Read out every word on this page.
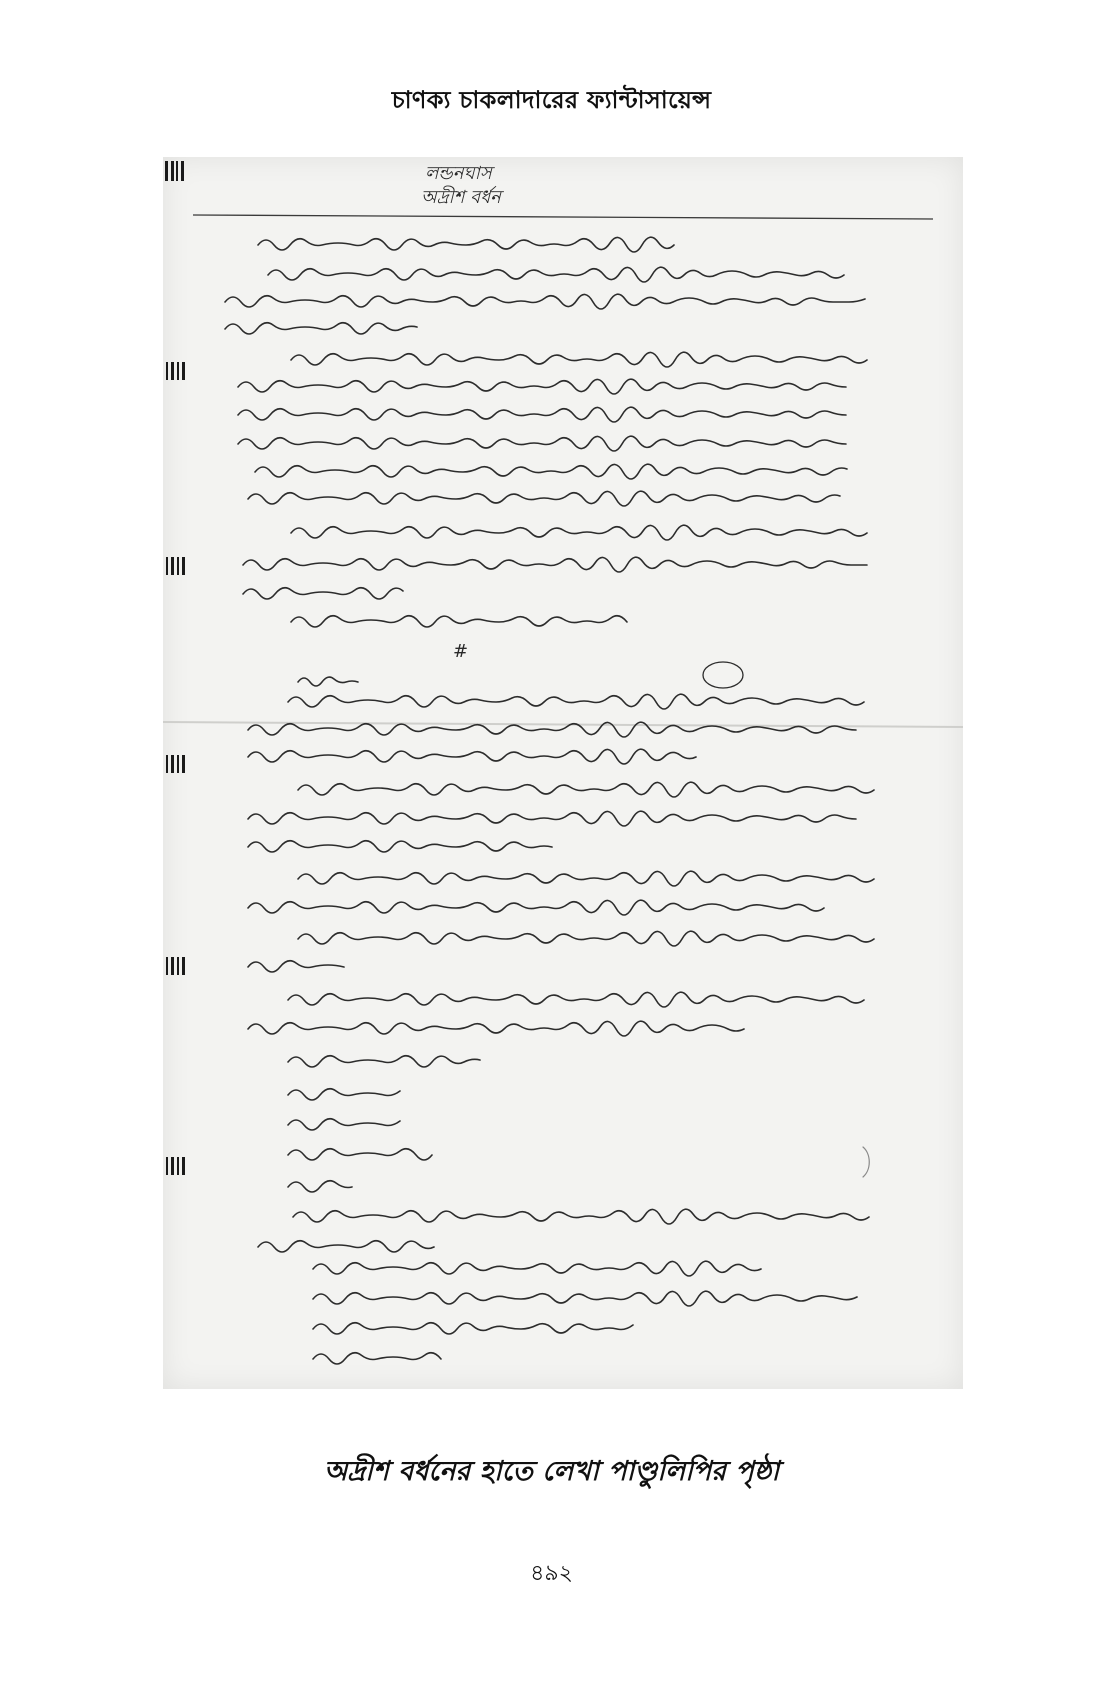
চাণক্য চাকলাদারের ফ্যান্টাসায়েন্স
লন্ডনঘাস
অদ্রীশ বর্ধন
#
অদ্রীশ বর্ধনের হাতে লেখা পাণ্ডুলিপির পৃষ্ঠা
৪৯২
